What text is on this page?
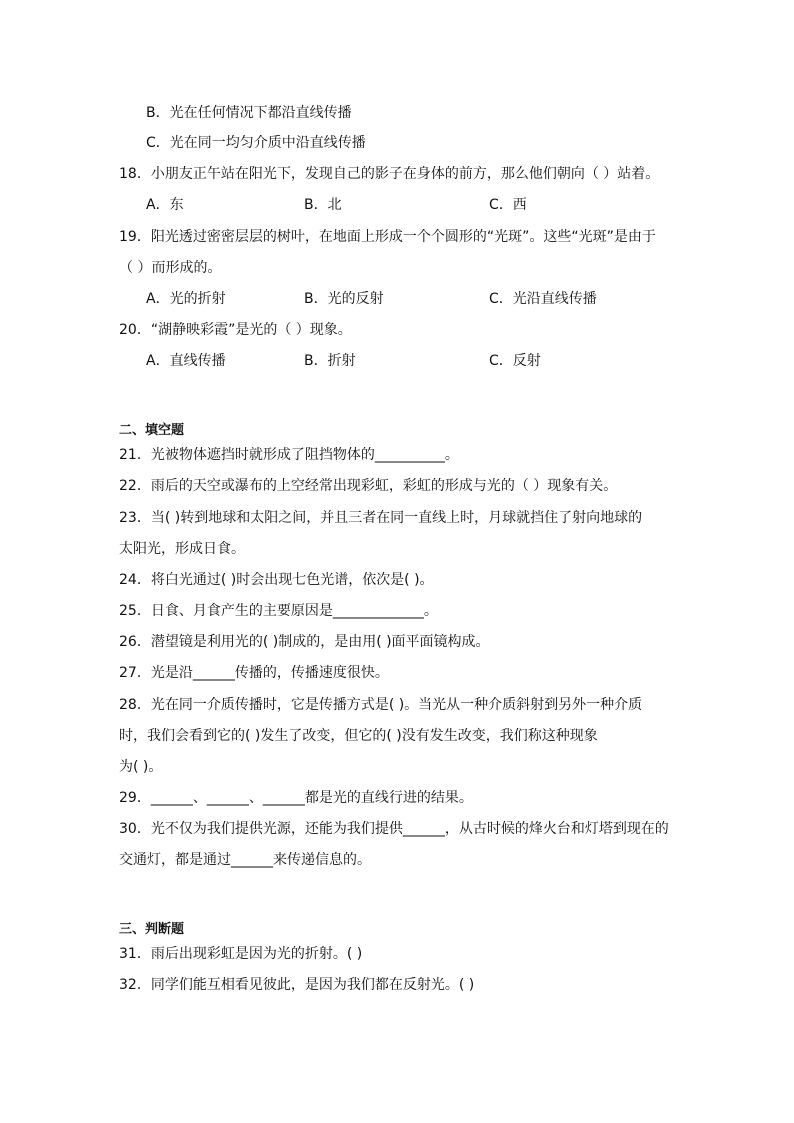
B．光在任何情况下都沿直线传播
C．光在同一均匀介质中沿直线传播
18．小朋友正午站在阳光下，发现自己的影子在身体的前方，那么他们朝向（ ）站着。
A．东	B．北	C．西
19．阳光透过密密层层的树叶，在地面上形成一个个圆形的“光斑”。这些“光斑”是由于
（ ）而形成的。
A．光的折射	B．光的反射	C．光沿直线传播
20．“湖静映彩霞”是光的（ ）现象。
A．直线传播	B．折射	C．反射
二、填空题
21．光被物体遮挡时就形成了阻挡物体的__________。
22．雨后的天空或瀑布的上空经常出现彩虹，彩虹的形成与光的（ ）现象有关。
23．当( )转到地球和太阳之间，并且三者在同一直线上时，月球就挡住了射向地球的
太阳光，形成日食。
24．将白光通过( )时会出现七色光谱，依次是( )。
25．日食、月食产生的主要原因是_____________。
26．潜望镜是利用光的( )制成的，是由用( )面平面镜构成。
27．光是沿______传播的，传播速度很快。
28．光在同一介质传播时，它是传播方式是( )。当光从一种介质斜射到另外一种介质
时，我们会看到它的( )发生了改变，但它的( )没有发生改变，我们称这种现象
为( )。
29．______、______、______都是光的直线行进的结果。
30．光不仅为我们提供光源，还能为我们提供______，从古时候的烽火台和灯塔到现在的
交通灯，都是通过______来传递信息的。
三、判断题
31．雨后出现彩虹是因为光的折射。( )
32．同学们能互相看见彼此，是因为我们都在反射光。( )
